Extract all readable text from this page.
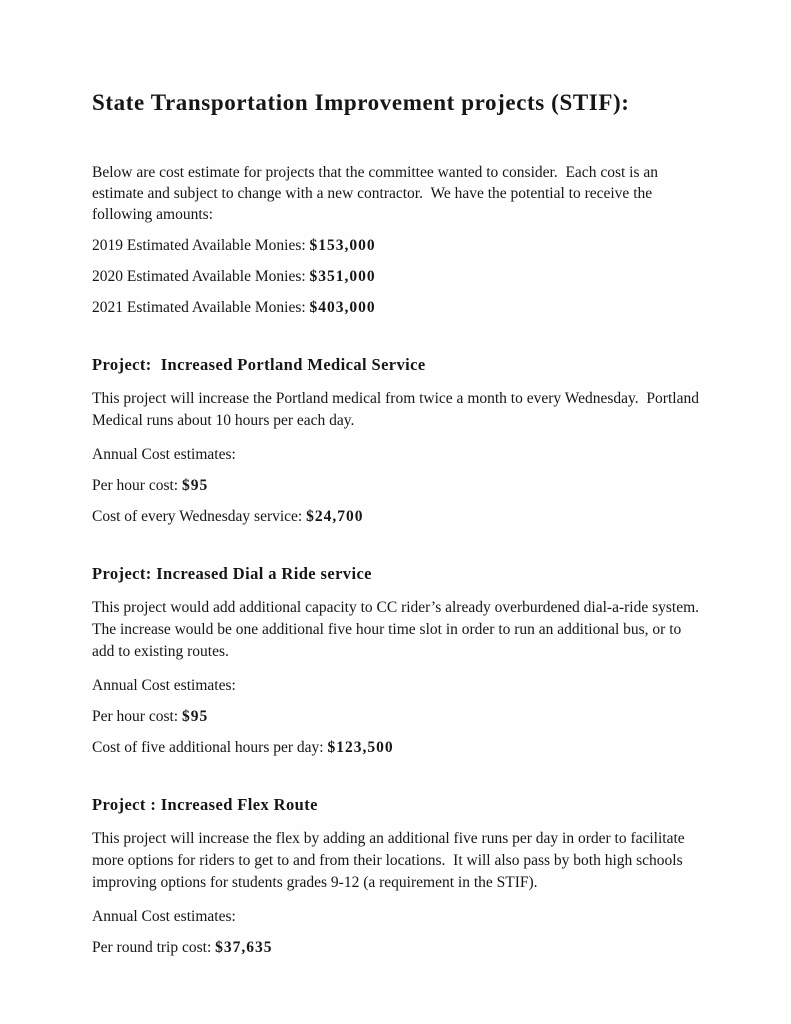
State Transportation Improvement projects (STIF):

Below are cost estimate for projects that the committee wanted to consider.  Each cost is an estimate and subject to change with a new contractor.  We have the potential to receive the following amounts:

2019 Estimated Available Monies: $153,000

2020 Estimated Available Monies: $351,000

2021 Estimated Available Monies: $403,000

Project:  Increased Portland Medical Service

This project will increase the Portland medical from twice a month to every Wednesday.  Portland Medical runs about 10 hours per each day.

Annual Cost estimates:

Per hour cost: $95

Cost of every Wednesday service: $24,700

Project: Increased Dial a Ride service

This project would add additional capacity to CC rider’s already overburdened dial-a-ride system.  The increase would be one additional five hour time slot in order to run an additional bus, or to add to existing routes.

Annual Cost estimates:

Per hour cost: $95

Cost of five additional hours per day: $123,500

Project : Increased Flex Route

This project will increase the flex by adding an additional five runs per day in order to facilitate more options for riders to get to and from their locations.  It will also pass by both high schools improving options for students grades 9-12 (a requirement in the STIF).

Annual Cost estimates:

Per round trip cost: $37,635
